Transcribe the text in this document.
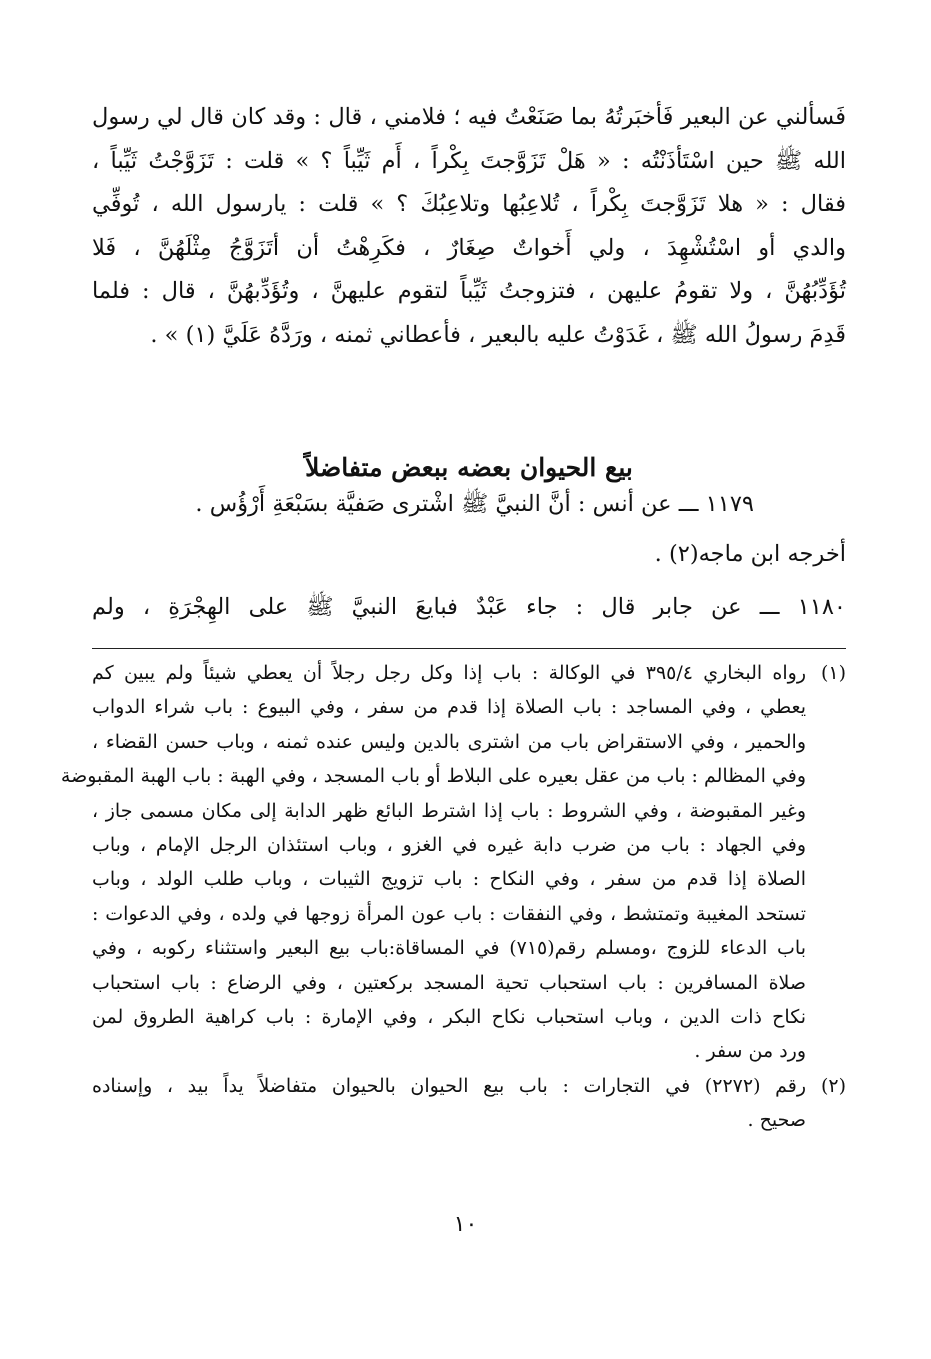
فَسألني عن البعير فَأخبَرتُهُ بما صَنَعْتُ فيه ؛ فلامني ، قال : وقد كان قال لي رسول
الله ﷺ حين اسْتَأذَنْتُه : « هَلْ تَزَوَّجتَ بِكْراً ، أَم ثَيِّباً ؟ » قلت : تَزَوَّجْتُ ثَيِّباً ،
فقال : « هلا تَزَوَّجتَ بِكْراً ، تُلاعِبُها وتلاعِبُكَ ؟ » قلت : يارسول الله ، تُوفِّي
والدي أو اسْتُشْهِدَ ، ولي أَخواتٌ صِغَارٌ ، فكَرِهْتُ أن أتَزَوَّجُ مِثْلَهُنَّ ، فَلا
تُؤَدِّبُهُنَّ ، ولا تقومُ عليهن ، فتزوجتُ ثَيِّباً لتقوم عليهنَّ ، وتُؤَدِّبهُنَّ ، قال : فلما
قَدِمَ رسولُ الله ﷺ ، غَدَوْتُ عليه بالبعير ، فأعطاني ثمنه ، ورَدَّهُ عَلَيَّ (١) » .
بيع الحيوان بعضه ببعض متفاضلاً
١١٧٩ ـــ عن أنس : أنَّ النبيَّ ﷺ اشْترى صَفيَّة بسَبْعَةِ أَرْؤُس .
أخرجه ابن ماجه(٢) .
١١٨٠ ـــ عن جابر قال : جاء عَبْدٌ فبايعَ النبيَّ ﷺ على الهِجْرَةِ ، ولم
(١)
رواه البخاري ٣٩٥/٤ في الوكالة : باب إذا وكل رجل رجلاً أن يعطي شيئاً ولم يبين كم
يعطي ، وفي المساجد : باب الصلاة إذا قدم من سفر ، وفي البيوع : باب شراء الدواب
والحمير ، وفي الاستقراض باب من اشترى بالدين وليس عنده ثمنه ، وباب حسن القضاء ،
وفي المظالم : باب من عقل بعيره على البلاط أو باب المسجد ، وفي الهبة : باب الهبة المقبوضة
وغير المقبوضة ، وفي الشروط : باب إذا اشترط البائع ظهر الدابة إلى مكان مسمى جاز ،
وفي الجهاد : باب من ضرب دابة غيره في الغزو ، وباب استئذان الرجل الإمام ، وباب
الصلاة إذا قدم من سفر ، وفي النكاح : باب تزويج الثيبات ، وباب طلب الولد ، وباب
تستحد المغيبة وتمتشط ، وفي النفقات : باب عون المرأة زوجها في ولده ، وفي الدعوات :
باب الدعاء للزوج ،ومسلم رقم(٧١٥) في المساقاة:باب بيع البعير واستثناء ركوبه ، وفي
صلاة المسافرين : باب استحباب تحية المسجد بركعتين ، وفي الرضاع : باب استحباب
نكاح ذات الدين ، وباب استحباب نكاح البكر ، وفي الإمارة : باب كراهية الطروق لمن
ورد من سفر .
(٢)
رقم (٢٢٧٢) في التجارات : باب بيع الحيوان بالحيوان متفاضلاً يداً بيد ، وإسناده
صحيح .
١٠
